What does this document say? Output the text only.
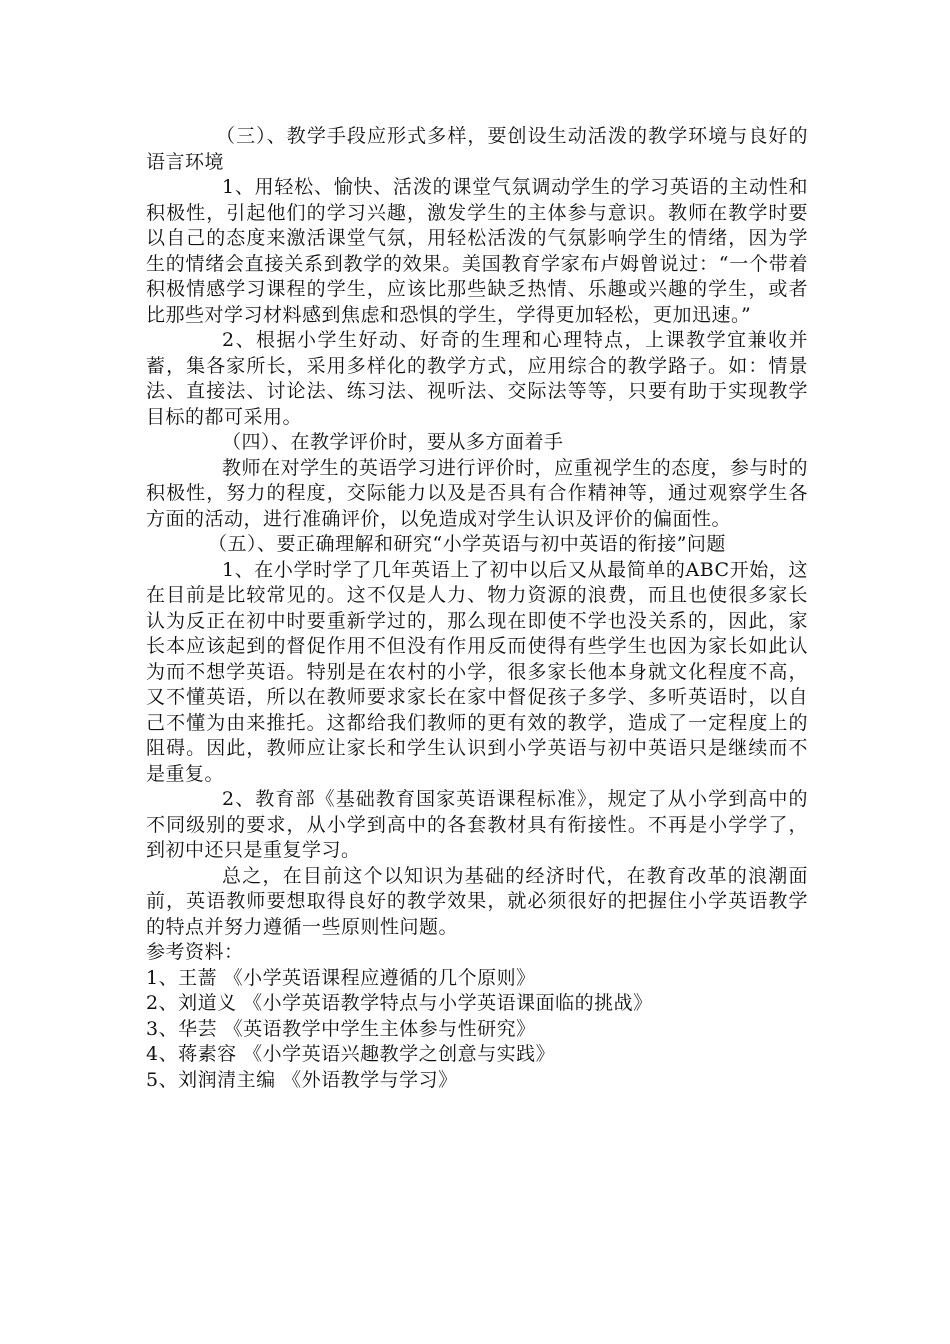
（三）、教学手段应形式多样，要创设生动活泼的教学环境与良好的语言环境

1、用轻松、愉快、活泼的课堂气氛调动学生的学习英语的主动性和积极性，引起他们的学习兴趣，激发学生的主体参与意识。教师在教学时要以自己的态度来激活课堂气氛，用轻松活泼的气氛影响学生的情绪，因为学生的情绪会直接关系到教学的效果。美国教育学家布卢姆曾说过：“一个带着积极情感学习课程的学生，应该比那些缺乏热情、乐趣或兴趣的学生，或者比那些对学习材料感到焦虑和恐惧的学生，学得更加轻松，更加迅速。”

2、根据小学生好动、好奇的生理和心理特点，上课教学宜兼收并蓄，集各家所长，采用多样化的教学方式，应用综合的教学路子。如：情景法、直接法、讨论法、练习法、视听法、交际法等等，只要有助于实现教学目标的都可采用。

（四）、在教学评价时，要从多方面着手

教师在对学生的英语学习进行评价时，应重视学生的态度，参与时的积极性，努力的程度，交际能力以及是否具有合作精神等，通过观察学生各方面的活动，进行准确评价，以免造成对学生认识及评价的偏面性。

（五）、要正确理解和研究“小学英语与初中英语的衔接”问题

1、在小学时学了几年英语上了初中以后又从最简单的ABC开始，这在目前是比较常见的。这不仅是人力、物力资源的浪费，而且也使很多家长认为反正在初中时要重新学过的，那么现在即使不学也没关系的，因此，家长本应该起到的督促作用不但没有作用反而使得有些学生也因为家长如此认为而不想学英语。特别是在农村的小学，很多家长他本身就文化程度不高，又不懂英语，所以在教师要求家长在家中督促孩子多学、多听英语时，以自己不懂为由来推托。这都给我们教师的更有效的教学，造成了一定程度上的阻碍。因此，教师应让家长和学生认识到小学英语与初中英语只是继续而不是重复。

2、教育部《基础教育国家英语课程标准》，规定了从小学到高中的不同级别的要求，从小学到高中的各套教材具有衔接性。不再是小学学了，到初中还只是重复学习。

总之，在目前这个以知识为基础的经济时代，在教育改革的浪潮面前，英语教师要想取得良好的教学效果，就必须很好的把握住小学英语教学的特点并努力遵循一些原则性问题。

参考资料：

1、王蔷 《小学英语课程应遵循的几个原则》

2、刘道义 《小学英语教学特点与小学英语课面临的挑战》

3、华芸 《英语教学中学生主体参与性研究》

4、蒋素容 《小学英语兴趣教学之创意与实践》

5、刘润清主编 《外语教学与学习》
